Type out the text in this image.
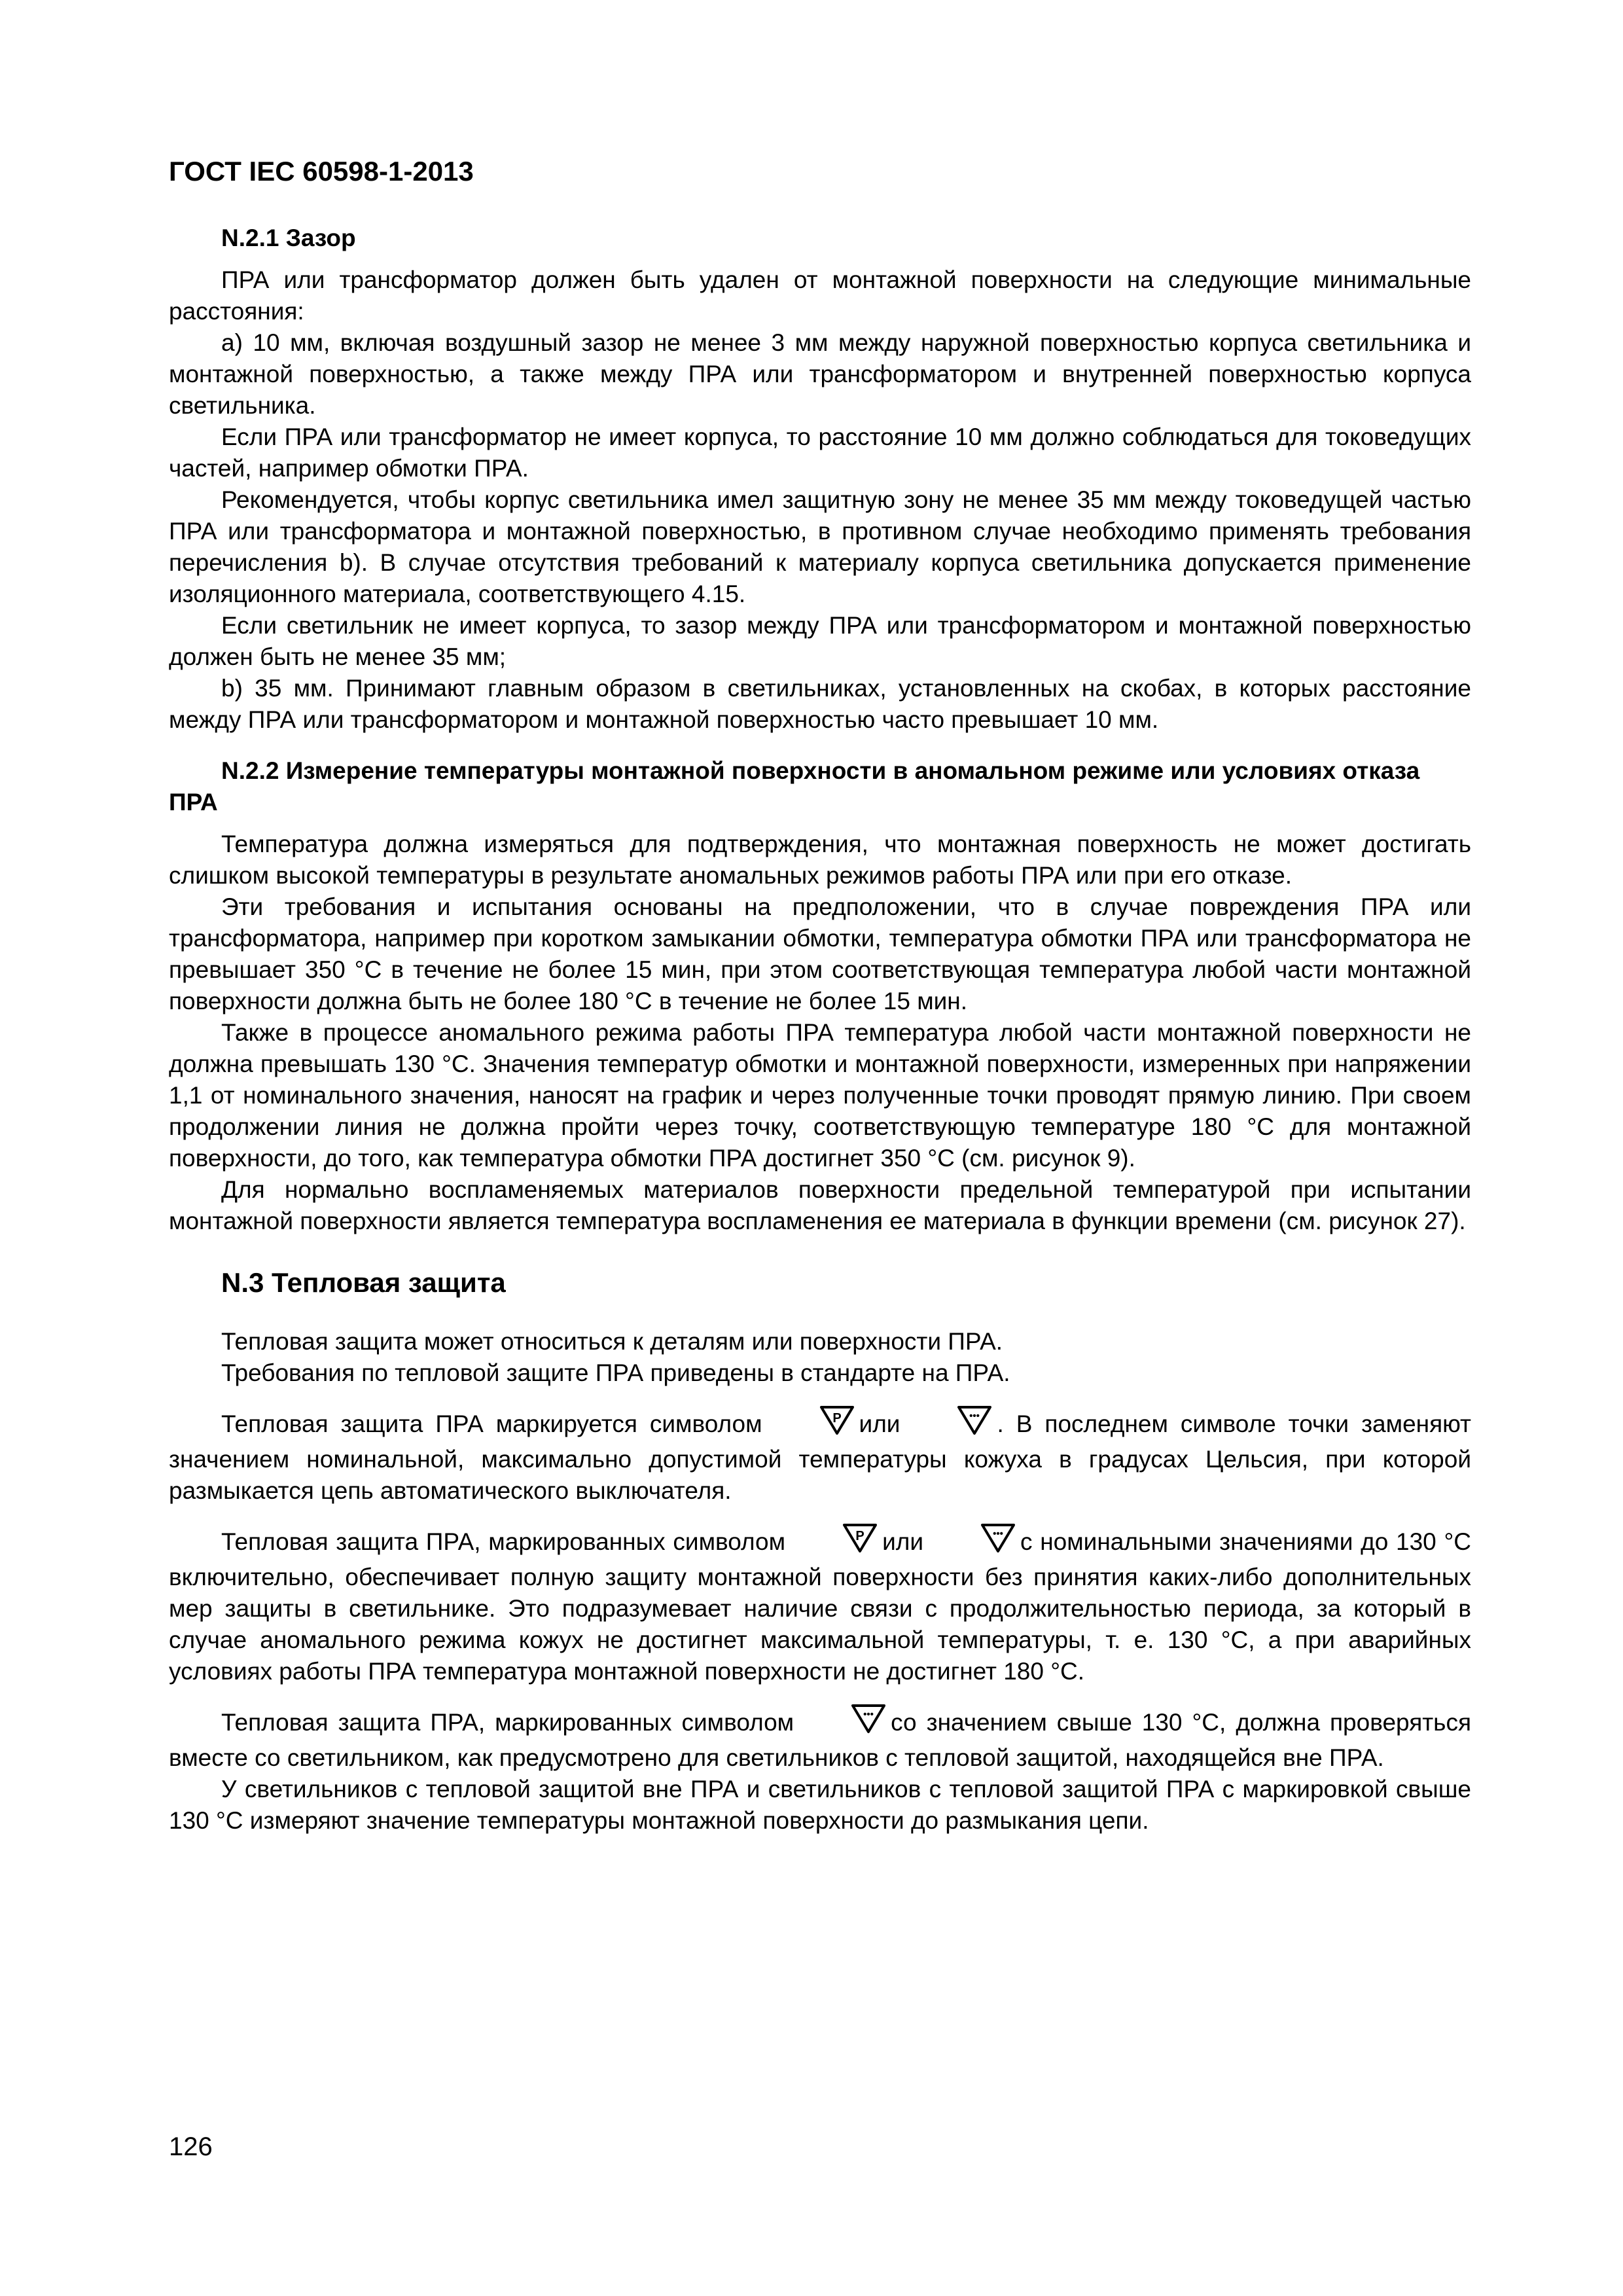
ГОСТ IEC 60598-1-2013
N.2.1 Зазор

ПРА или трансформатор должен быть удален от монтажной поверхности на следующие минимальные расстояния:

а) 10 мм, включая воздушный зазор не менее 3 мм между наружной поверхностью корпуса светильника и монтажной поверхностью, а также между ПРА или трансформатором и внутренней поверхностью корпуса светильника.

Если ПРА или трансформатор не имеет корпуса, то расстояние 10 мм должно соблюдаться для токоведущих частей, например обмотки ПРА.

Рекомендуется, чтобы корпус светильника имел защитную зону не менее 35 мм между токоведущей частью ПРА или трансформатора и монтажной поверхностью, в противном случае необходимо применять требования перечисления b). В случае отсутствия требований к материалу корпуса светильника допускается применение изоляционного материала, соответствующего 4.15.

Если светильник не имеет корпуса, то зазор между ПРА или трансформатором и монтажной поверхностью должен быть не менее 35 мм;

b) 35 мм. Принимают главным образом в светильниках, установленных на скобах, в которых расстояние между ПРА или трансформатором и монтажной поверхностью часто превышает 10 мм.

N.2.2 Измерение температуры монтажной поверхности в аномальном режиме или условиях отказа ПРА

Температура должна измеряться для подтверждения, что монтажная поверхность не может достигать слишком высокой температуры в результате аномальных режимов работы ПРА или при его отказе.

Эти требования и испытания основаны на предположении, что в случае повреждения ПРА или трансформатора, например при коротком замыкании обмотки, температура обмотки ПРА или трансформатора не превышает 350 °С в течение не более 15 мин, при этом соответствующая температура любой части монтажной поверхности должна быть не более 180 °С в течение не более 15 мин.

Также в процессе аномального режима работы ПРА температура любой части монтажной поверхности не должна превышать 130 °С. Значения температур обмотки и монтажной поверхности, измеренных при напряжении 1,1 от номинального значения, наносят на график и через полученные точки проводят прямую линию. При своем продолжении линия не должна пройти через точку, соответствующую температуре 180 °С для монтажной поверхности, до того, как температура обмотки ПРА достигнет 350 °С (см. рисунок 9).

Для нормально воспламеняемых материалов поверхности предельной температурой при испытании монтажной поверхности является температура воспламенения ее материала в функции времени (см. рисунок 27).

N.3 Тепловая защита

Тепловая защита может относиться к деталям или поверхности ПРА.

Требования по тепловой защите ПРА приведены в стандарте на ПРА.

Тепловая защита ПРА маркируется символом	P или	••• . В последнем символе точки заменяют значением номинальной, максимально допустимой температуры кожуха в градусах Цельсия, при которой размыкается цепь автоматического выключателя.

Тепловая защита ПРА, маркированных символом	P или	••• с номинальными значениями до 130 °С включительно, обеспечивает полную защиту монтажной поверхности без принятия каких-либо дополнительных мер защиты в светильнике. Это подразумевает наличие связи с продолжительностью периода, за который в случае аномального режима кожух не достигнет максимальной температуры, т. е. 130 °С, а при аварийных условиях работы ПРА температура монтажной поверхности не достигнет 180 °С.

Тепловая защита ПРА, маркированных символом	••• со значением свыше 130 °С, должна проверяться вместе со светильником, как предусмотрено для светильников с тепловой защитой, находящейся вне ПРА.

У светильников с тепловой защитой вне ПРА и светильников с тепловой защитой ПРА с маркировкой свыше 130 °С измеряют значение температуры монтажной поверхности до размыкания цепи.

126
